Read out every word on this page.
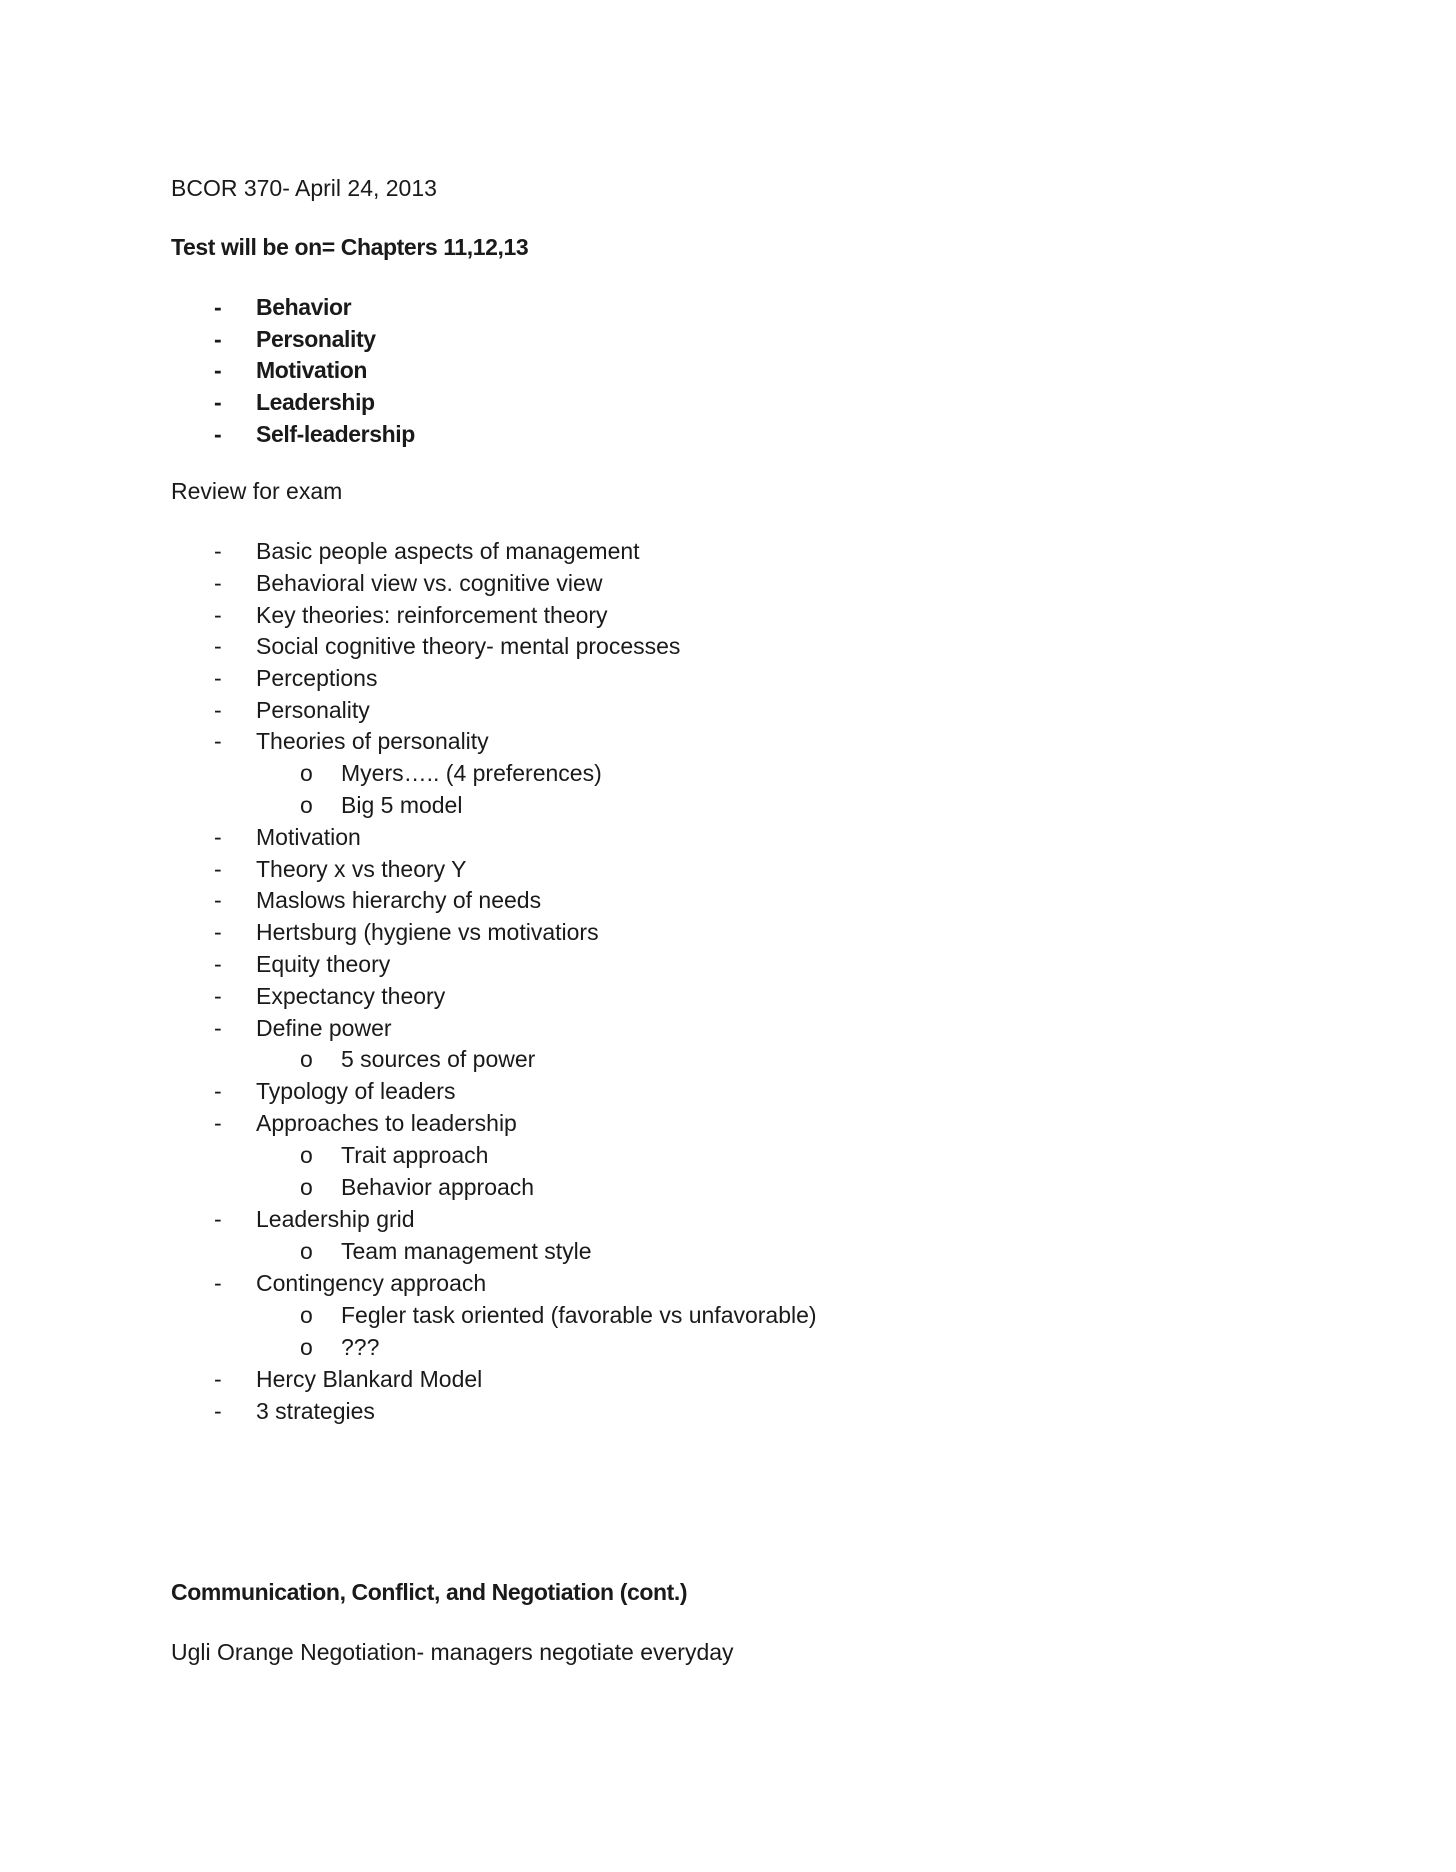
BCOR 370- April 24, 2013
Test will be on= Chapters 11,12,13
- Behavior
- Personality
- Motivation
- Leadership
- Self-leadership
Review for exam
- Basic people aspects of management
- Behavioral view vs. cognitive view
- Key theories: reinforcement theory
- Social cognitive theory- mental processes
- Perceptions
- Personality
- Theories of personality
o Myers….. (4 preferences)
o Big 5 model
- Motivation
- Theory x vs theory Y
- Maslows hierarchy of needs
- Hertsburg (hygiene vs motivatiors
- Equity theory
- Expectancy theory
- Define power
o 5 sources of power
- Typology of leaders
- Approaches to leadership
o Trait approach
o Behavior approach
- Leadership grid
o Team management style
- Contingency approach
o Fegler task oriented (favorable vs unfavorable)
o ???
- Hercy Blankard Model
- 3 strategies
Communication, Conflict, and Negotiation (cont.)
Ugli Orange Negotiation- managers negotiate everyday
